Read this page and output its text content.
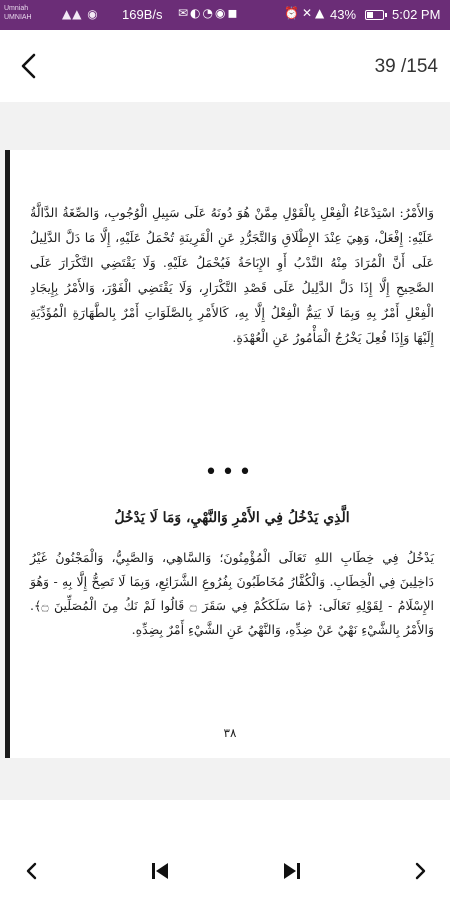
Umniah
UMNIAH	▲▲ ◉ 169B/s ✉◐◔◉◼	⏰✕▲ 43%	5:02 PM
39 /154
وَالأَمْرُ: اسْتِدْعَاءُ الْفِعْلِ بِالْقَوْلِ مِمَّنْ هُوَ دُونَهُ عَلَى سَبِيلِ الْوُجُوبِ، وَالصِّغَةُ الدَّالَّةُ عَلَيْهِ: إِفْعَلْ، وَهِيَ عِنْدَ الإِطْلَاقِ وَالتَّجَرُّدِ عَنِ الْقَرِينَةِ تُحْمَلُ عَلَيْهِ، إِلَّا مَا دَلَّ الدَّلِيلُ عَلَى أَنَّ الْمُرَادَ مِنْهُ النَّدْبُ أَوِ الإِبَاحَةُ فَيُحْمَلُ عَلَيْهِ. وَلَا يَقْتَضِي التَّكْرَارَ عَلَى الصَّحِيحِ إِلَّا إِذَا دَلَّ الدَّلِيلُ عَلَى قَصْدِ التَّكْرَارِ، وَلَا يَقْتَضِي الْفَوْرَ، وَالأَمْرُ بِإِيجَادِ الْفِعْلِ أَمْرٌ بِهِ وَبِمَا لَا يَتِمُّ الْفِعْلُ إِلَّا بِهِ، كَالأَمْرِ بِالصَّلَوَاتِ أَمْرٌ بِالطَّهَارَةِ الْمُؤَدِّيَةِ إِلَيْهَا وَإِذَا فُعِلَ يَخْرُجُ الْمَأْمُورُ عَنِ الْعُهْدَةِ.
•••
الَّذِي يَدْخُلُ فِي الأَمْرِ وَالنَّهْيِ، وَمَا لَا يَدْخُلُ
يَدْخُلُ فِي خِطَابِ اللهِ تَعَالَى الْمُؤْمِنُونَ؛ وَالسَّاهِي، وَالصَّبِيُّ، وَالْمَجْنُونُ غَيْرُ دَاخِلِينَ فِي الْخِطَابِ. وَالْكُفَّارُ مُخَاطَبُونَ بِفُرُوعِ الشَّرَائِعِ، وَبِمَا لَا تَصِحُّ إِلَّا بِهِ - وَهُوَ الإِسْلَامُ - لِقَوْلِهِ تَعَالَى: ﴿مَا سَلَكَكُمْ فِي سَقَرَ ۝ قَالُوا لَمْ نَكُ مِنَ الْمُصَلِّينَ ۝﴾. وَالأَمْرُ بِالشَّيْءِ نَهْيٌ عَنْ ضِدِّهِ، وَالنَّهْيُ عَنِ الشَّيْءِ أَمْرٌ بِضِدِّهِ.
٣٨
